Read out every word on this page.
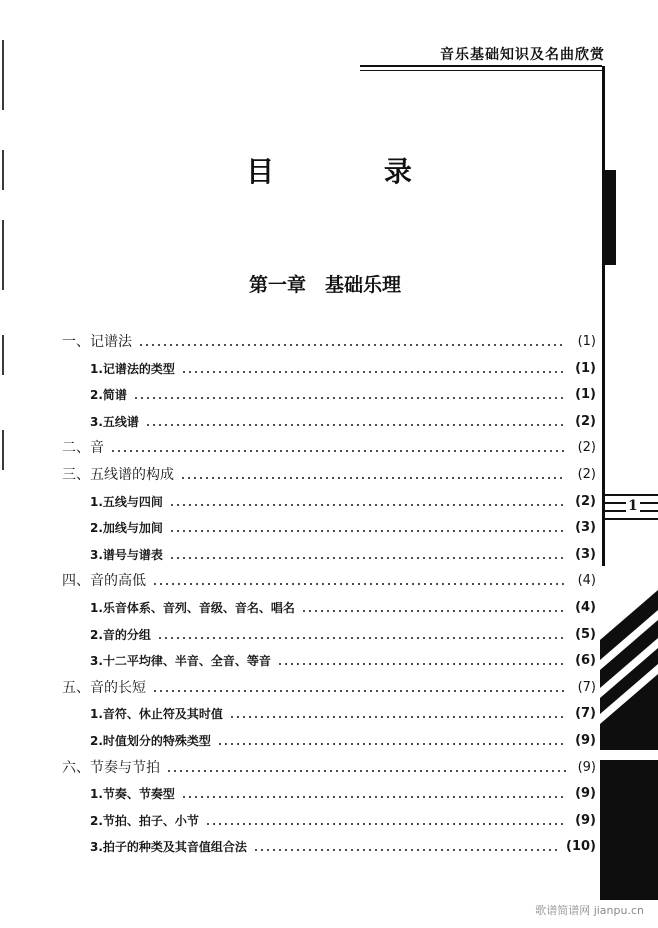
音乐基础知识及名曲欣赏
1
目 录
第一章　基础乐理
一、记谱法	(1)
1.记谱法的类型	(1)
2.简谱	(1)
3.五线谱	(2)
二、音	(2)
三、五线谱的构成	(2)
1.五线与四间	(2)
2.加线与加间	(3)
3.谱号与谱表	(3)
四、音的高低	(4)
1.乐音体系、音列、音级、音名、唱名	(4)
2.音的分组	(5)
3.十二平均律、半音、全音、等音	(6)
五、音的长短	(7)
1.音符、休止符及其时值	(7)
2.时值划分的特殊类型	(9)
六、节奏与节拍	(9)
1.节奏、节奏型	(9)
2.节拍、拍子、小节	(9)
3.拍子的种类及其音值组合法	(10)
歌谱简谱网 jianpu.cn
